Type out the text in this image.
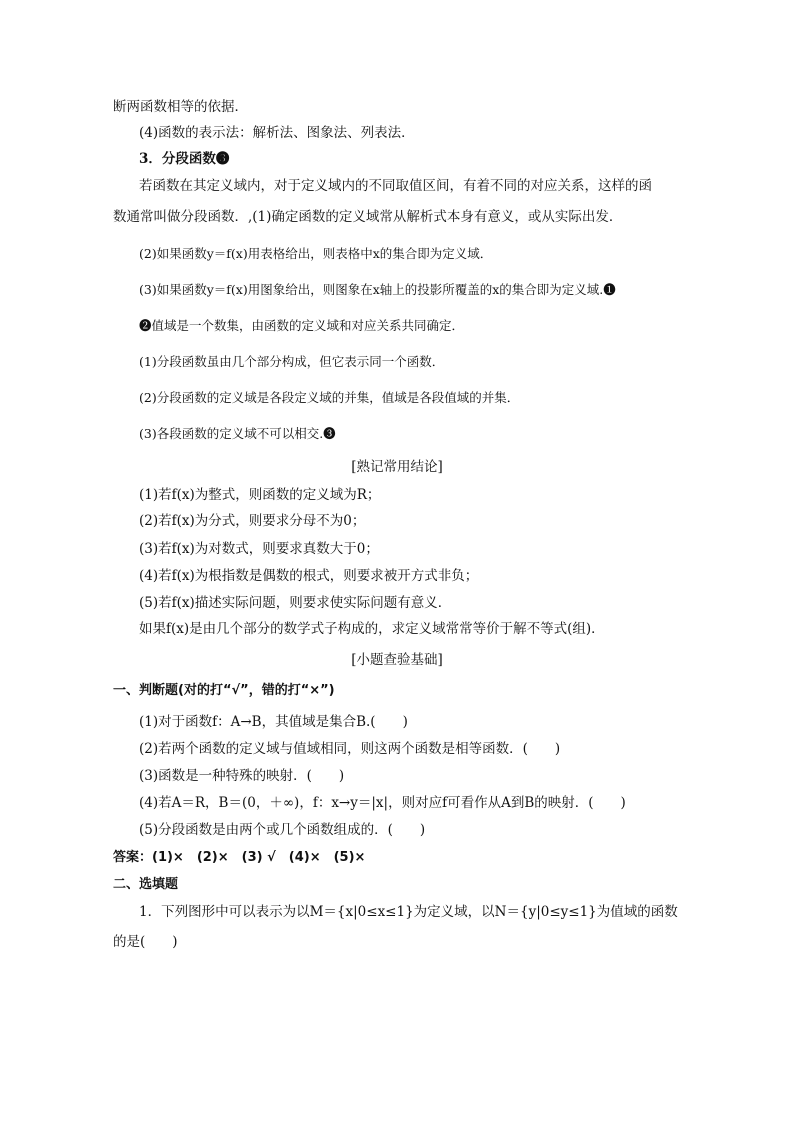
断两函数相等的依据．
(4)函数的表示法：解析法、图象法、列表法．
3．分段函数❸
若函数在其定义域内，对于定义域内的不同取值区间，有着不同的对应关系，这样的函
数通常叫做分段函数．,(1)确定函数的定义域常从解析式本身有意义，或从实际出发．
(2)如果函数y＝f(x)用表格给出，则表格中x的集合即为定义域．
(3)如果函数y＝f(x)用图象给出，则图象在x轴上的投影所覆盖的x的集合即为定义域.❶
❷值域是一个数集，由函数的定义域和对应关系共同确定．
(1)分段函数虽由几个部分构成，但它表示同一个函数．
(2)分段函数的定义域是各段定义域的并集，值域是各段值域的并集．
(3)各段函数的定义域不可以相交.❸
[熟记常用结论]
(1)若f(x)为整式，则函数的定义域为R；
(2)若f(x)为分式，则要求分母不为0；
(3)若f(x)为对数式，则要求真数大于0；
(4)若f(x)为根指数是偶数的根式，则要求被开方式非负；
(5)若f(x)描述实际问题，则要求使实际问题有意义．
如果f(x)是由几个部分的数学式子构成的，求定义域常常等价于解不等式(组)．
[小题查验基础]
一、判断题(对的打“√”，错的打“×”)
(1)对于函数f：A→B，其值域是集合B.(　　)
(2)若两个函数的定义域与值域相同，则这两个函数是相等函数．(　　)
(3)函数是一种特殊的映射．(　　)
(4)若A＝R，B＝(0，＋∞)，f：x→y＝|x|，则对应f可看作从A到B的映射．(　　)
(5)分段函数是由两个或几个函数组成的．(　　)
答案：(1)×　(2)×　(3) √　(4)×　(5)×
二、选填题
1．下列图形中可以表示为以M＝{x|0≤x≤1}为定义域，以N＝{y|0≤y≤1}为值域的函数
的是(　　)
